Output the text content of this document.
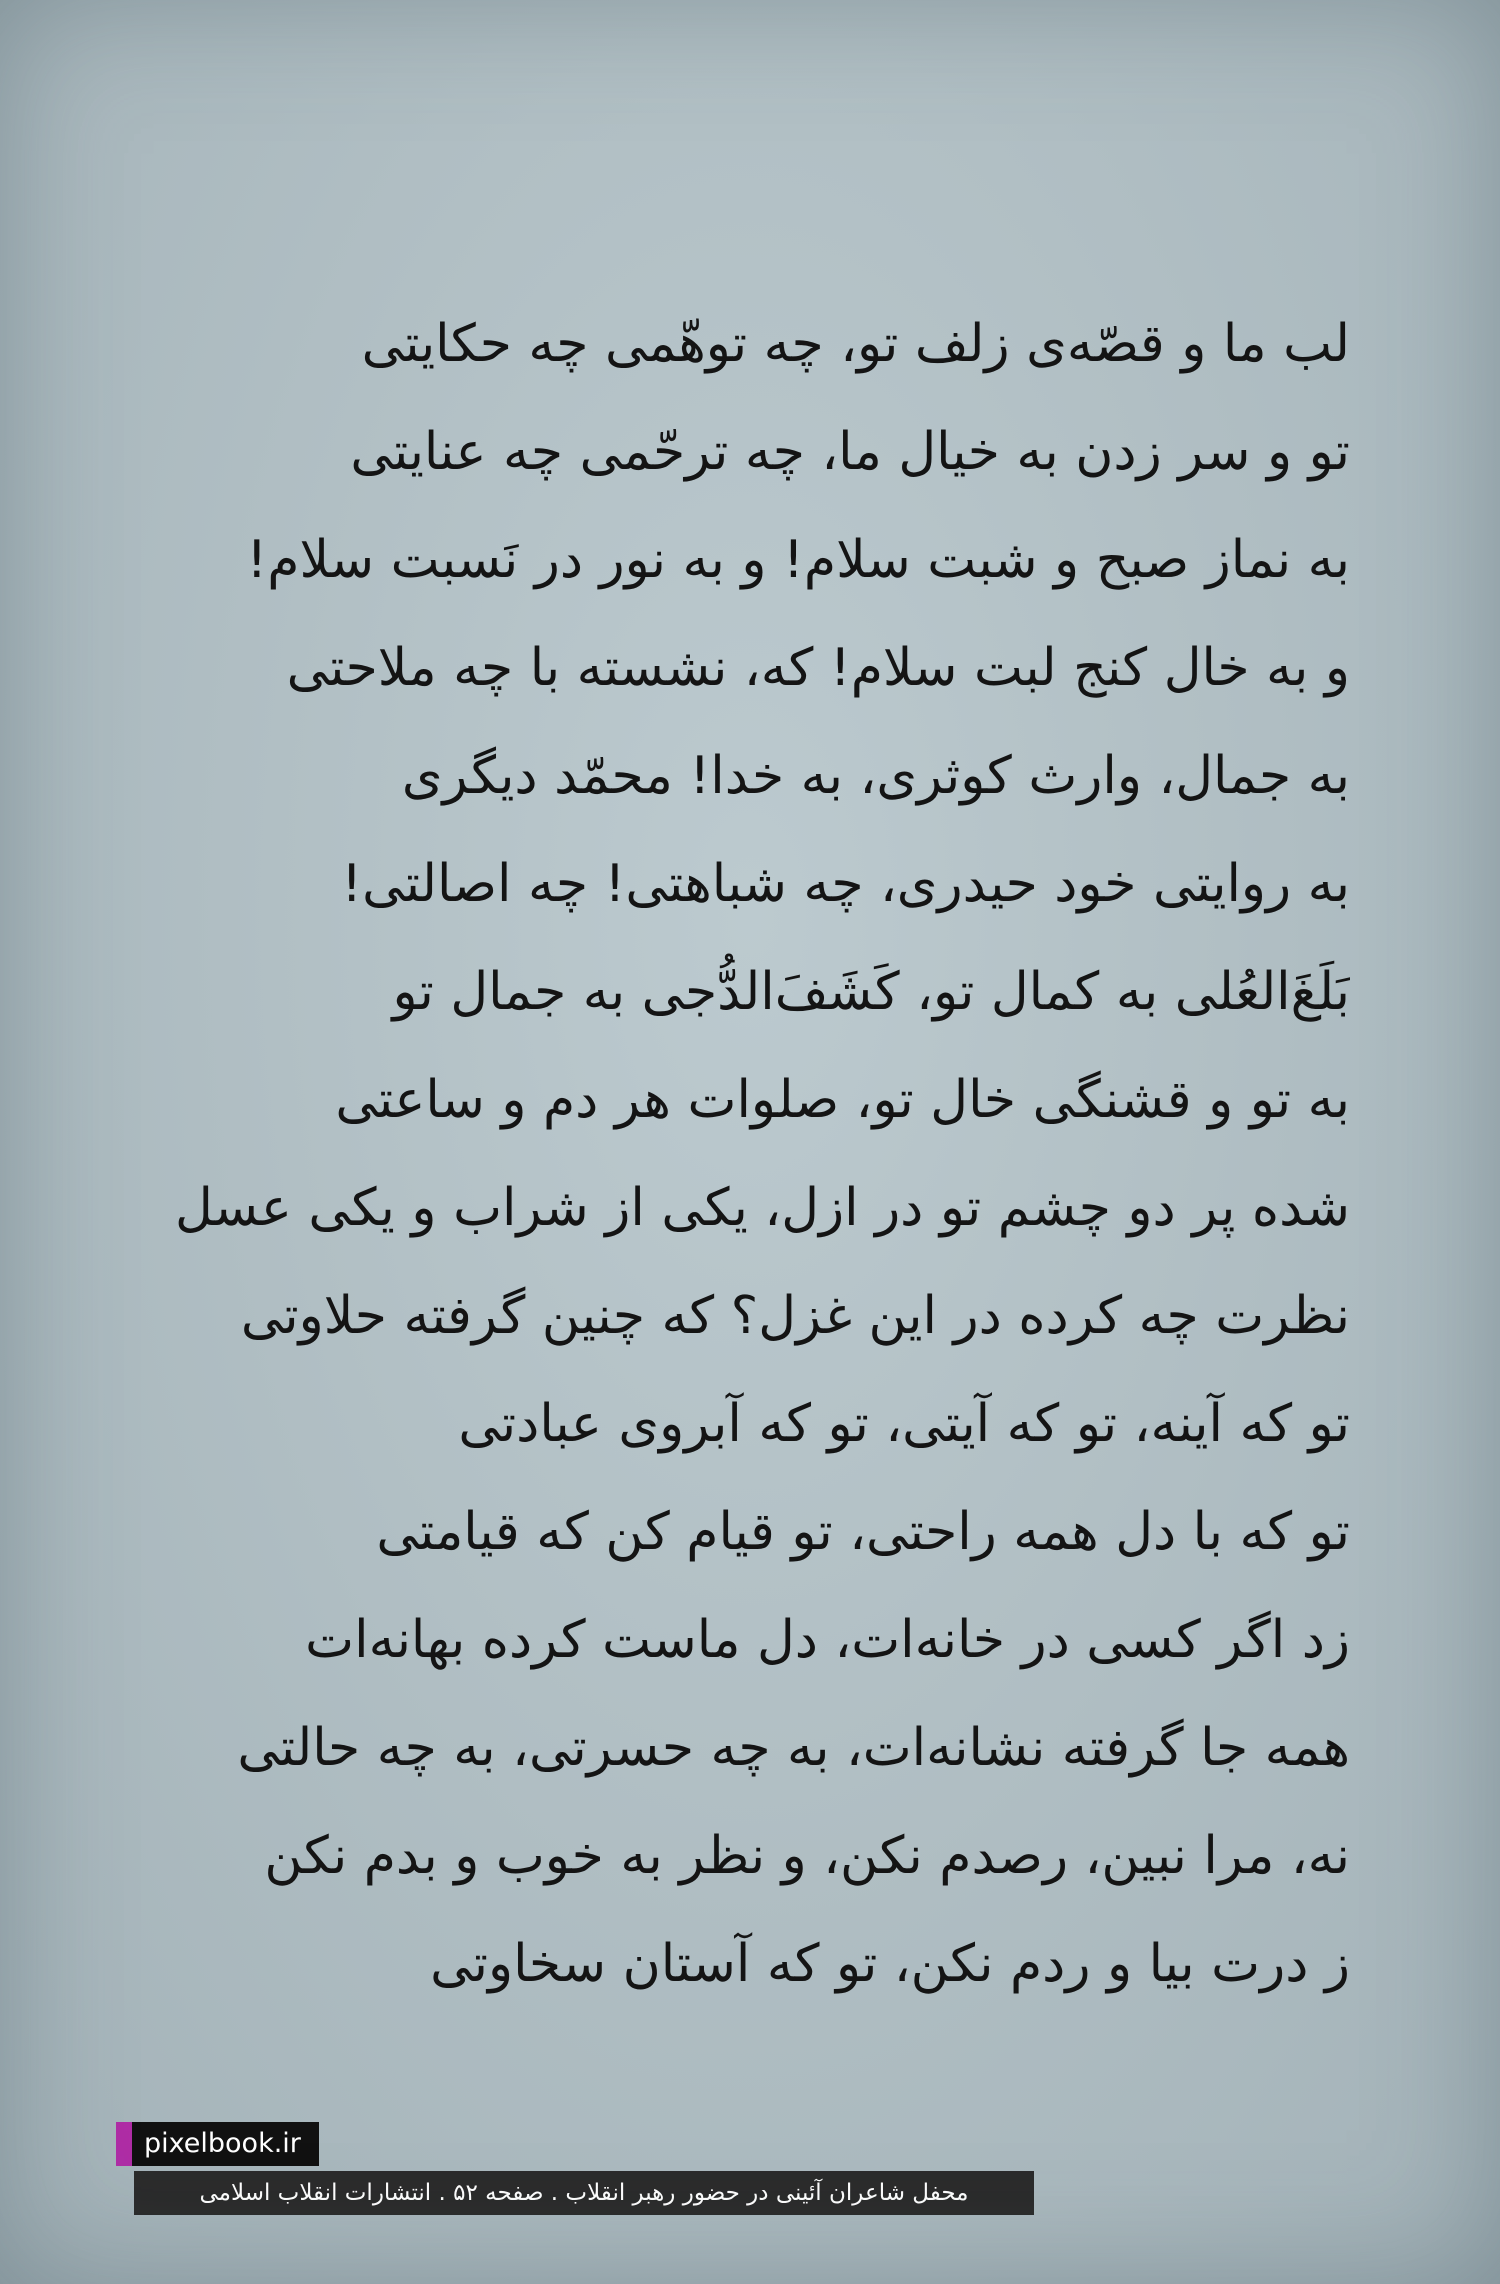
لب ما و قصّه‌ی زلف تو، چه توهّمی چه حکایتی
تو و سر زدن به خیال ما، چه ترحّمی چه عنایتی
به نماز صبح و شبت سلام! و به نور در نَسبت سلام!
و به خال کنج لبت سلام! که، نشسته با چه ملاحتی
به جمال، وارث کوثری، به خدا! محمّد دیگری
به روایتی خود حیدری، چه شباهتی! چه اصالتی!
بَلَغَ‌العُلی به کمال تو، کَشَفَ‌الدُّجی به جمال تو
به تو و قشنگی خال تو، صلوات هر دم و ساعتی
شده پر دو چشم تو در ازل، یکی از شراب و یکی عسل
نظرت چه کرده در این غزل؟ که چنین گرفته حلاوتی
تو که آینه، تو که آیتی، تو که آبروی عبادتی
تو که با دل همه راحتی، تو قیام کن که قیامتی
زد اگر کسی در خانه‌ات، دل ماست کرده بهانه‌ات
همه جا گرفته نشانه‌ات، به چه حسرتی، به چه حالتی
نه، مرا نبین، رصدم نکن، و نظر به خوب و بدم نکن
ز درت بیا و ردم نکن، تو که آستان سخاوتی
pixelbook.ir
محفل شاعران آئینی در حضور رهبر انقلاب . صفحه ۵۲ . انتشارات انقلاب اسلامی
